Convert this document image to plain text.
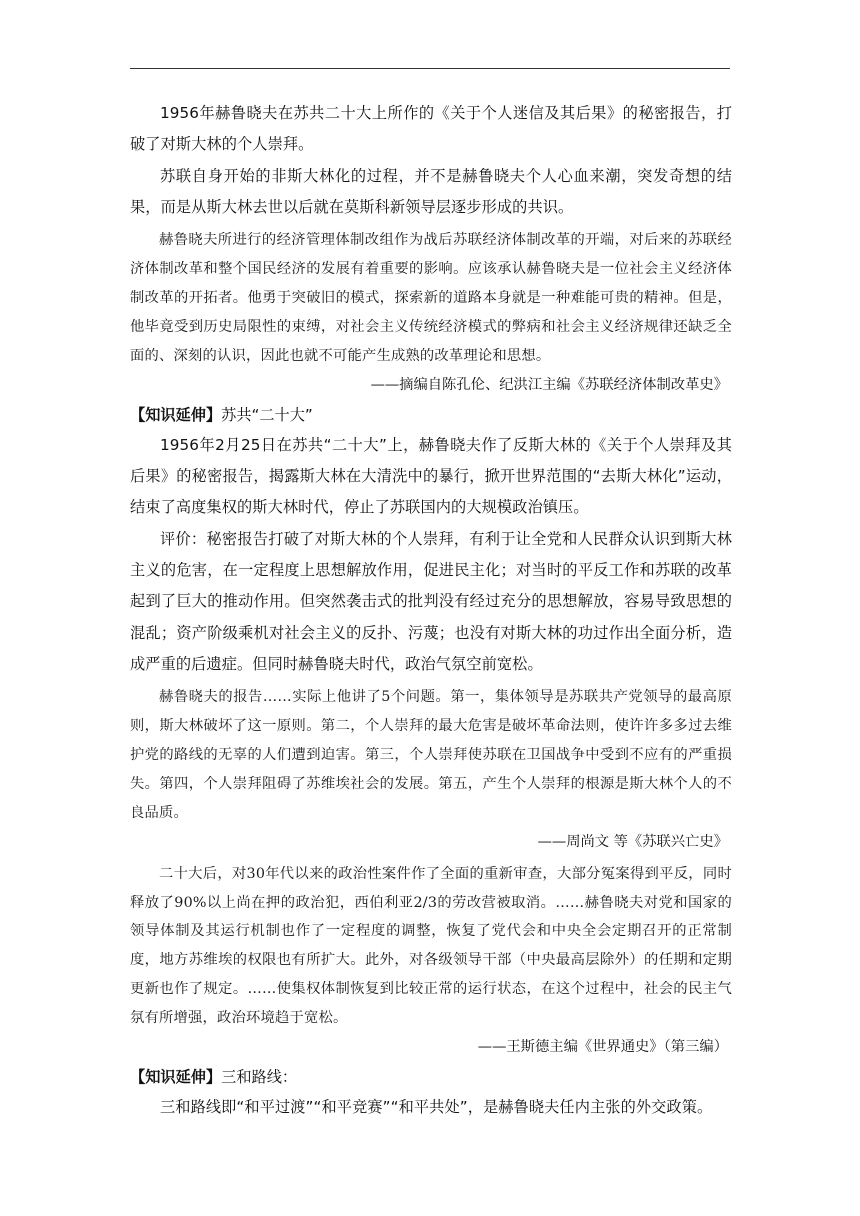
1956年赫鲁晓夫在苏共二十大上所作的《关于个人迷信及其后果》的秘密报告，打破了对斯大林的个人崇拜。

苏联自身开始的非斯大林化的过程，并不是赫鲁晓夫个人心血来潮，突发奇想的结果，而是从斯大林去世以后就在莫斯科新领导层逐步形成的共识。

赫鲁晓夫所进行的经济管理体制改组作为战后苏联经济体制改革的开端，对后来的苏联经济体制改革和整个国民经济的发展有着重要的影响。应该承认赫鲁晓夫是一位社会主义经济体制改革的开拓者。他勇于突破旧的模式，探索新的道路本身就是一种难能可贵的精神。但是，他毕竟受到历史局限性的束缚，对社会主义传统经济模式的弊病和社会主义经济规律还缺乏全面的、深刻的认识，因此也就不可能产生成熟的改革理论和思想。

——摘编自陈孔伦、纪洪江主编《苏联经济体制改革史》

【知识延伸】苏共“二十大”

1956年2月25日在苏共“二十大”上，赫鲁晓夫作了反斯大林的《关于个人崇拜及其后果》的秘密报告，揭露斯大林在大清洗中的暴行，掀开世界范围的“去斯大林化”运动，结束了高度集权的斯大林时代，停止了苏联国内的大规模政治镇压。

评价：秘密报告打破了对斯大林的个人崇拜，有利于让全党和人民群众认识到斯大林主义的危害，在一定程度上思想解放作用，促进民主化；对当时的平反工作和苏联的改革起到了巨大的推动作用。但突然袭击式的批判没有经过充分的思想解放，容易导致思想的混乱；资产阶级乘机对社会主义的反扑、污蔑；也没有对斯大林的功过作出全面分析，造成严重的后遗症。但同时赫鲁晓夫时代，政治气氛空前宽松。

赫鲁晓夫的报告……实际上他讲了5个问题。第一，集体领导是苏联共产党领导的最高原则，斯大林破坏了这一原则。第二，个人崇拜的最大危害是破坏革命法则，使许许多多过去维护党的路线的无辜的人们遭到迫害。第三，个人崇拜使苏联在卫国战争中受到不应有的严重损失。第四，个人崇拜阻碍了苏维埃社会的发展。第五，产生个人崇拜的根源是斯大林个人的不良品质。

——周尚文 等《苏联兴亡史》

二十大后，对30年代以来的政治性案件作了全面的重新审查，大部分冤案得到平反，同时释放了90%以上尚在押的政治犯，西伯利亚2/3的劳改营被取消。……赫鲁晓夫对党和国家的领导体制及其运行机制也作了一定程度的调整，恢复了党代会和中央全会定期召开的正常制度，地方苏维埃的权限也有所扩大。此外，对各级领导干部（中央最高层除外）的任期和定期更新也作了规定。……使集权体制恢复到比较正常的运行状态，在这个过程中，社会的民主气氛有所增强，政治环境趋于宽松。

——王斯德主编《世界通史》（第三编）

【知识延伸】三和路线：

三和路线即“和平过渡”“和平竞赛”“和平共处”，是赫鲁晓夫任内主张的外交政策。
